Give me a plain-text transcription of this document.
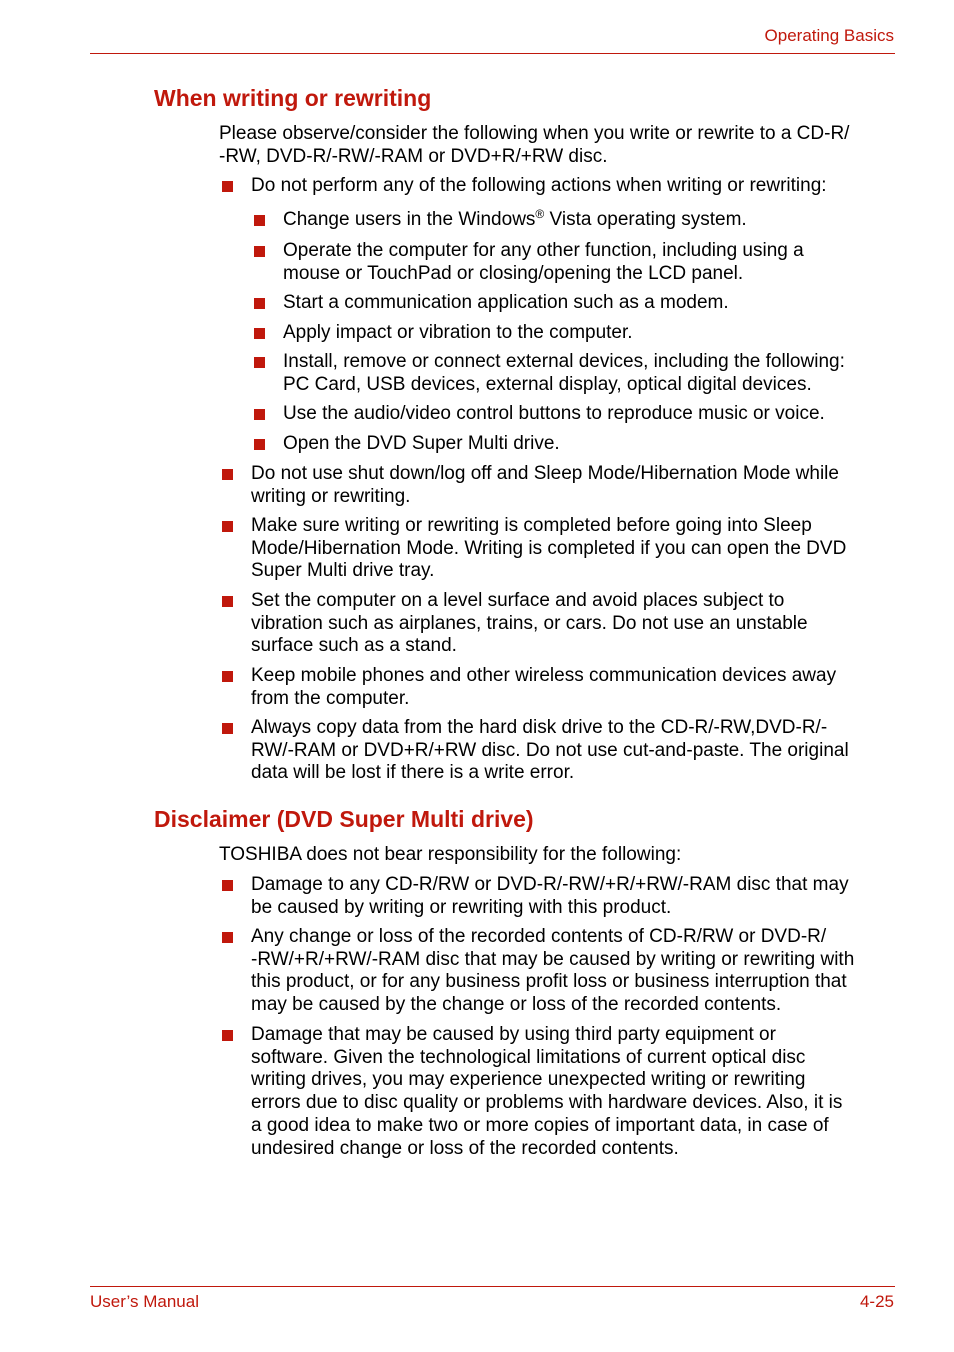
Operating Basics
When writing or rewriting

Please observe/consider the following when you write or rewrite to a CD-R/
-RW, DVD-R/-RW/-RAM or DVD+R/+RW disc.

Do not perform any of the following actions when writing or rewriting:
Change users in the Windows® Vista operating system.
Operate the computer for any other function, including using a
mouse or TouchPad or closing/opening the LCD panel.
Start a communication application such as a modem.
Apply impact or vibration to the computer.
Install, remove or connect external devices, including the following:
PC Card, USB devices, external display, optical digital devices.
Use the audio/video control buttons to reproduce music or voice.
Open the DVD Super Multi drive.
Do not use shut down/log off and Sleep Mode/Hibernation Mode while
writing or rewriting.
Make sure writing or rewriting is completed before going into Sleep
Mode/Hibernation Mode. Writing is completed if you can open the DVD
Super Multi drive tray.
Set the computer on a level surface and avoid places subject to
vibration such as airplanes, trains, or cars. Do not use an unstable
surface such as a stand.
Keep mobile phones and other wireless communication devices away
from the computer.
Always copy data from the hard disk drive to the CD-R/-RW,DVD-R/-
RW/-RAM or DVD+R/+RW disc. Do not use cut-and-paste. The original
data will be lost if there is a write error.
Disclaimer (DVD Super Multi drive)

TOSHIBA does not bear responsibility for the following:

Damage to any CD-R/RW or DVD-R/-RW/+R/+RW/-RAM disc that may
be caused by writing or rewriting with this product.
Any change or loss of the recorded contents of CD-R/RW or DVD-R/
-RW/+R/+RW/-RAM disc that may be caused by writing or rewriting with
this product, or for any business profit loss or business interruption that
may be caused by the change or loss of the recorded contents.
Damage that may be caused by using third party equipment or
software. Given the technological limitations of current optical disc
writing drives, you may experience unexpected writing or rewriting
errors due to disc quality or problems with hardware devices. Also, it is
a good idea to make two or more copies of important data, in case of
undesired change or loss of the recorded contents.
User’s Manual	4-25
